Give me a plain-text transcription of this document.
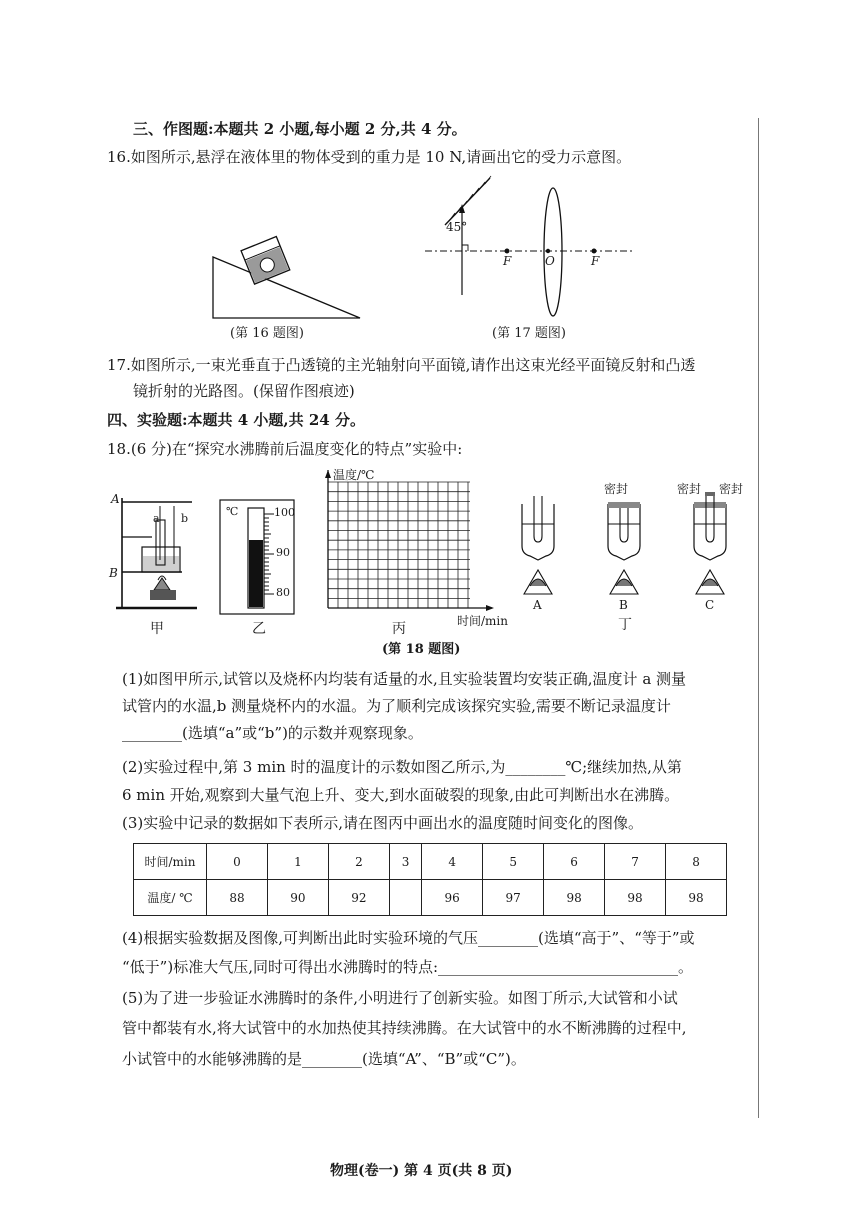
三、作图题:本题共 2 小题,每小题 2 分,共 4 分。
16.如图所示,悬浮在液体里的物体受到的重力是 10 N,请画出它的受力示意图。
(第 16 题图)
45°
F	O	F
(第 17 题图)
17.如图所示,一束光垂直于凸透镜的主光轴射向平面镜,请作出这束光经平面镜反射和凸透
镜折射的光路图。(保留作图痕迹)
四、实验题:本题共 4 小题,共 24 分。
18.(6 分)在“探究水沸腾前后温度变化的特点”实验中:
A
B
a b
甲
℃	100
90
80
乙
温度/℃
时间/min
丙
密封	密封 密封
A	B	C
丁
(第 18 题图)
(1)如图甲所示,试管以及烧杯内均装有适量的水,且实验装置均安装正确,温度计 a 测量
试管内的水温,b 测量烧杯内的水温。为了顺利完成该探究实验,需要不断记录温度计
________(选填“a”或“b”)的示数并观察现象。
(2)实验过程中,第 3 min 时的温度计的示数如图乙所示,为________℃;继续加热,从第
6 min 开始,观察到大量气泡上升、变大,到水面破裂的现象,由此可判断出水在沸腾。
(3)实验中记录的数据如下表所示,请在图丙中画出水的温度随时间变化的图像。
时间/min	0	1	2	3	4	5	6	7	8
温度/ ℃	88	90	92		96	97	98	98	98
(4)根据实验数据及图像,可判断出此时实验环境的气压________(选填“高于”、“等于”或
“低于”)标准大气压,同时可得出水沸腾时的特点:________________________________。
(5)为了进一步验证水沸腾时的条件,小明进行了创新实验。如图丁所示,大试管和小试
管中都装有水,将大试管中的水加热使其持续沸腾。在大试管中的水不断沸腾的过程中,
小试管中的水能够沸腾的是________(选填“A”、“B”或“C”)。
物理(卷一) 第 4 页(共 8 页)
